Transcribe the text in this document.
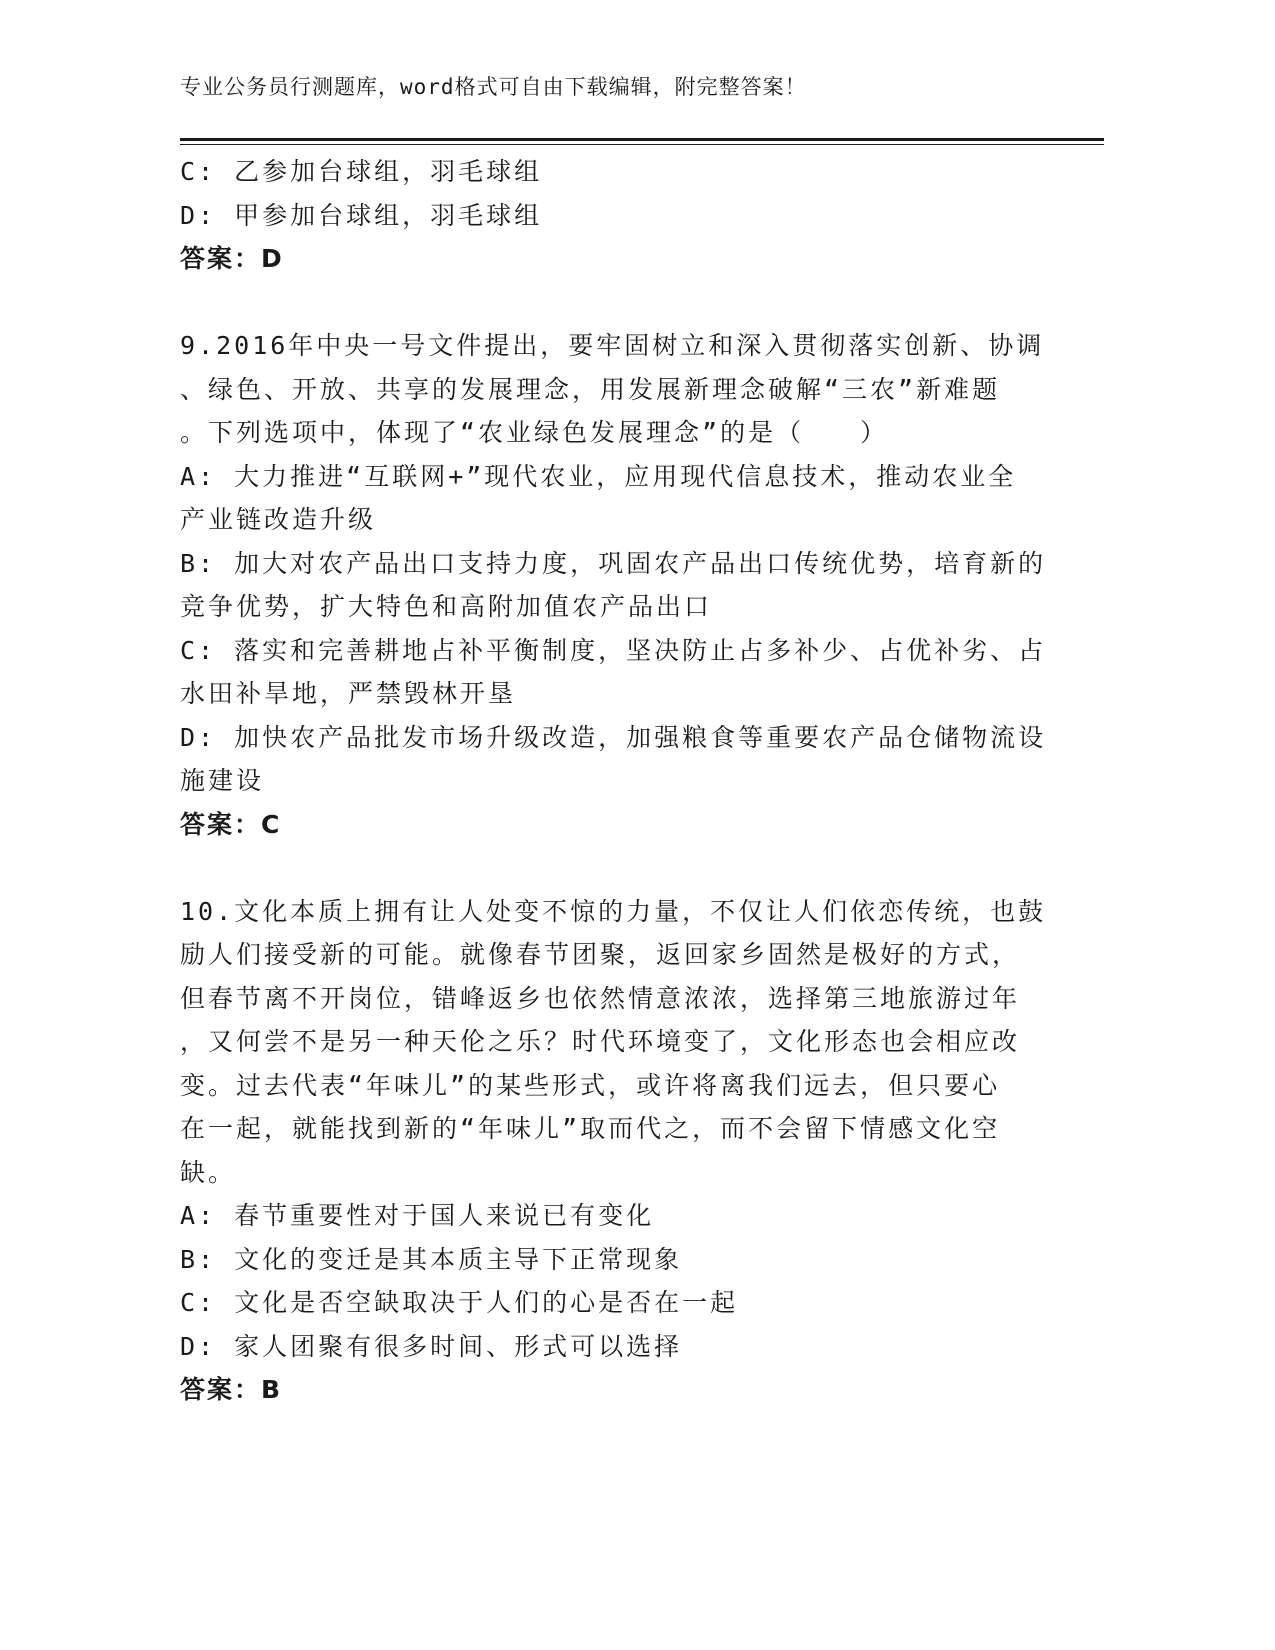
专业公务员行测题库，word格式可自由下载编辑，附完整答案！
C: 乙参加台球组，羽毛球组
D: 甲参加台球组，羽毛球组
答案：D
9.2016年中央一号文件提出，要牢固树立和深入贯彻落实创新、协调
、绿色、开放、共享的发展理念，用发展新理念破解“三农”新难题
。下列选项中，体现了“农业绿色发展理念”的是（　　）
A: 大力推进“互联网+”现代农业，应用现代信息技术，推动农业全
产业链改造升级
B: 加大对农产品出口支持力度，巩固农产品出口传统优势，培育新的
竞争优势，扩大特色和高附加值农产品出口
C: 落实和完善耕地占补平衡制度，坚决防止占多补少、占优补劣、占
水田补旱地，严禁毁林开垦
D: 加快农产品批发市场升级改造，加强粮食等重要农产品仓储物流设
施建设
答案：C
10.文化本质上拥有让人处变不惊的力量，不仅让人们依恋传统，也鼓
励人们接受新的可能。就像春节团聚，返回家乡固然是极好的方式，
但春节离不开岗位，错峰返乡也依然情意浓浓，选择第三地旅游过年
，又何尝不是另一种天伦之乐？时代环境变了，文化形态也会相应改
变。过去代表“年味儿”的某些形式，或许将离我们远去，但只要心
在一起，就能找到新的“年味儿”取而代之，而不会留下情感文化空
缺。
A: 春节重要性对于国人来说已有变化
B: 文化的变迁是其本质主导下正常现象
C: 文化是否空缺取决于人们的心是否在一起
D: 家人团聚有很多时间、形式可以选择
答案：B
